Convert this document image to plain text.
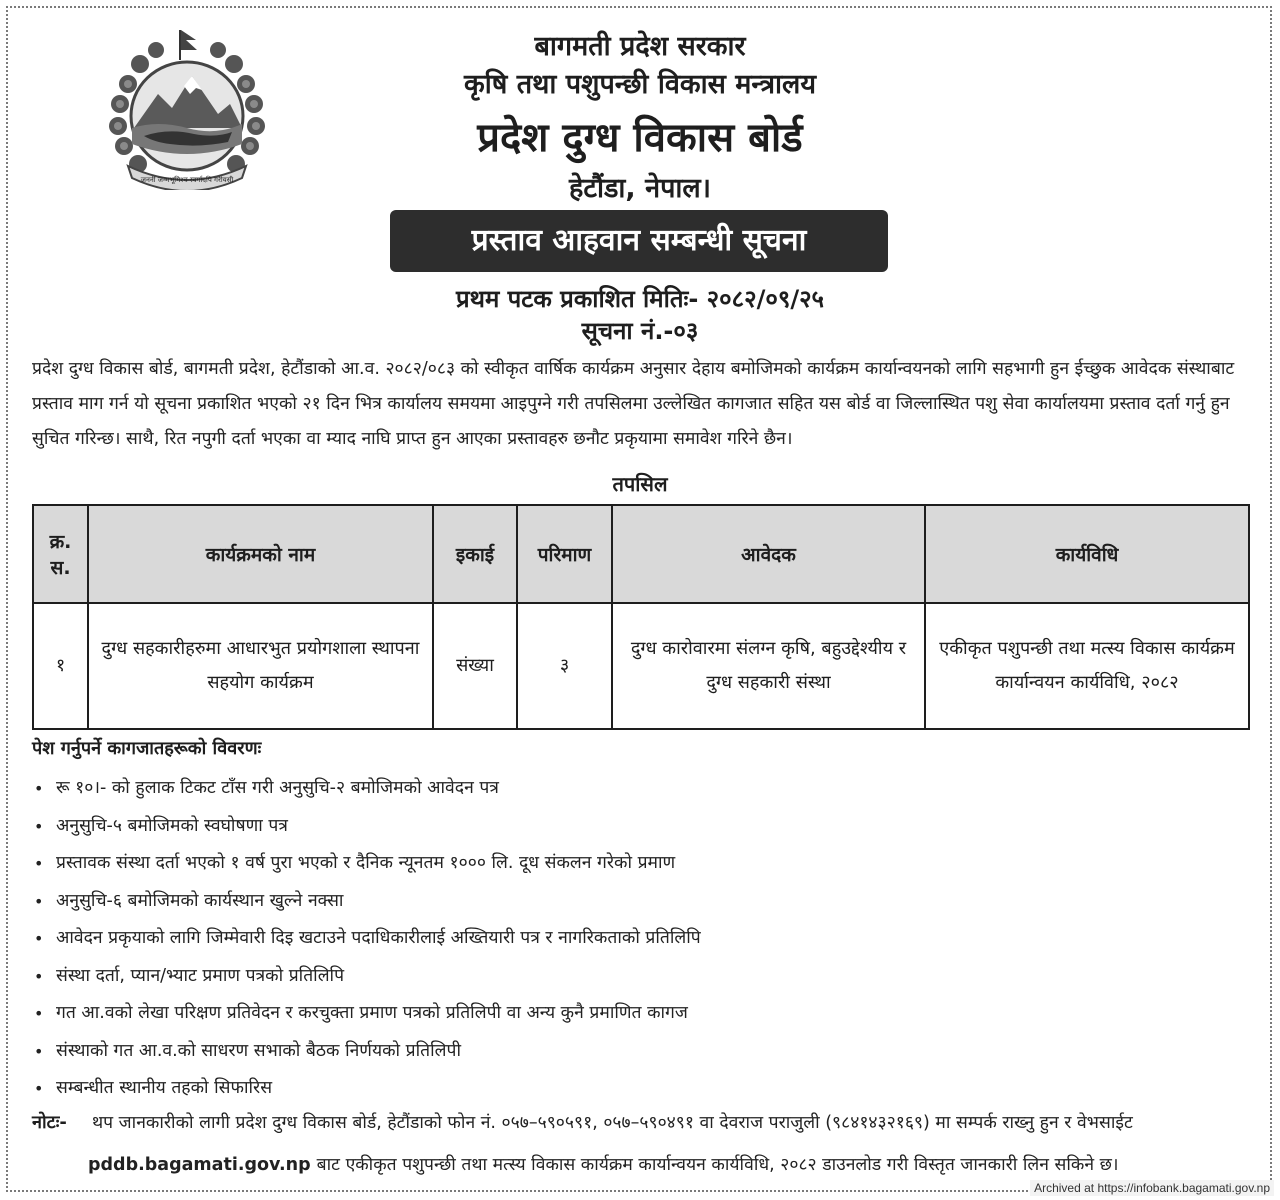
जननी जन्मभूमिश्च स्वर्गादपि गरीयसी
बागमती प्रदेश सरकार
कृषि तथा पशुपन्छी विकास मन्त्रालय
प्रदेश दुग्ध विकास बोर्ड
हेटौंडा, नेपाल।
प्रस्ताव आहवान सम्बन्धी सूचना
प्रथम पटक प्रकाशित मितिः- २०८२/०९/२५
सूचना नं.-०३
प्रदेश दुग्ध विकास बोर्ड, बागमती प्रदेश, हेटौंडाको आ.व. २०८२/०८३ को स्वीकृत वार्षिक कार्यक्रम अनुसार देहाय बमोजिमको कार्यक्रम कार्यान्वयनको लागि सहभागी हुन ईच्छुक आवेदक संस्थाबाट प्रस्ताव माग गर्न यो सूचना प्रकाशित भएको २१ दिन भित्र कार्यालय समयमा आइपुग्ने गरी तपसिलमा उल्लेखित कागजात सहित यस बोर्ड वा जिल्लास्थित पशु सेवा कार्यालयमा प्रस्ताव दर्ता गर्नु हुन सुचित गरिन्छ। साथै, रित नपुगी दर्ता भएका वा म्याद नाघि प्राप्त हुन आएका प्रस्तावहरु छनौट प्रकृयामा समावेश गरिने छैन।
तपसिल
क्र. स.	कार्यक्रमको नाम	इकाई	परिमाण	आवेदक	कार्यविधि
१	दुग्ध सहकारीहरुमा आधारभुत प्रयोगशाला स्थापना सहयोग कार्यक्रम	संख्या	३	दुग्ध कारोवारमा संलग्न कृषि, बहुउद्देश्यीय र दुग्ध सहकारी संस्था	एकीकृत पशुपन्छी तथा मत्स्य विकास कार्यक्रम कार्यान्वयन कार्यविधि, २०८२
पेश गर्नुपर्ने कागजातहरूको विवरणः
• रू १०।- को हुलाक टिकट टाँस गरी अनुसुचि-२ बमोजिमको आवेदन पत्र
• अनुसुचि-५ बमोजिमको स्वघोषणा पत्र
• प्रस्तावक संस्था दर्ता भएको १ वर्ष पुरा भएको र दैनिक न्यूनतम १००० लि. दूध संकलन गरेको प्रमाण
• अनुसुचि-६ बमोजिमको कार्यस्थान खुल्ने नक्सा
• आवेदन प्रकृयाको लागि जिम्मेवारी दिइ खटाउने पदाधिकारीलाई अख्तियारी पत्र र नागरिकताको प्रतिलिपि
• संस्था दर्ता, प्यान/भ्याट प्रमाण पत्रको प्रतिलिपि
• गत आ.वको लेखा परिक्षण प्रतिवेदन र करचुक्ता प्रमाण पत्रको प्रतिलिपी वा अन्य कुनै प्रमाणित कागज
• संस्थाको गत आ.व.को साधरण सभाको बैठक निर्णयको प्रतिलिपी
• सम्बन्धीत स्थानीय तहको सिफारिस
नोटः- थप जानकारीको लागी प्रदेश दुग्ध विकास बोर्ड, हेटौंडाको फोन नं. ०५७–५९०५९१, ०५७–५९०४९१ वा देवराज पराजुली (९८४१४३२१६९) मा सम्पर्क राख्नु हुन र वेभसाईट
pddb.bagamati.gov.np बाट एकीकृत पशुपन्छी तथा मत्स्य विकास कार्यक्रम कार्यान्वयन कार्यविधि, २०८२ डाउनलोड गरी विस्तृत जानकारी लिन सकिने छ।
Archived at https://infobank.bagamati.gov.np
